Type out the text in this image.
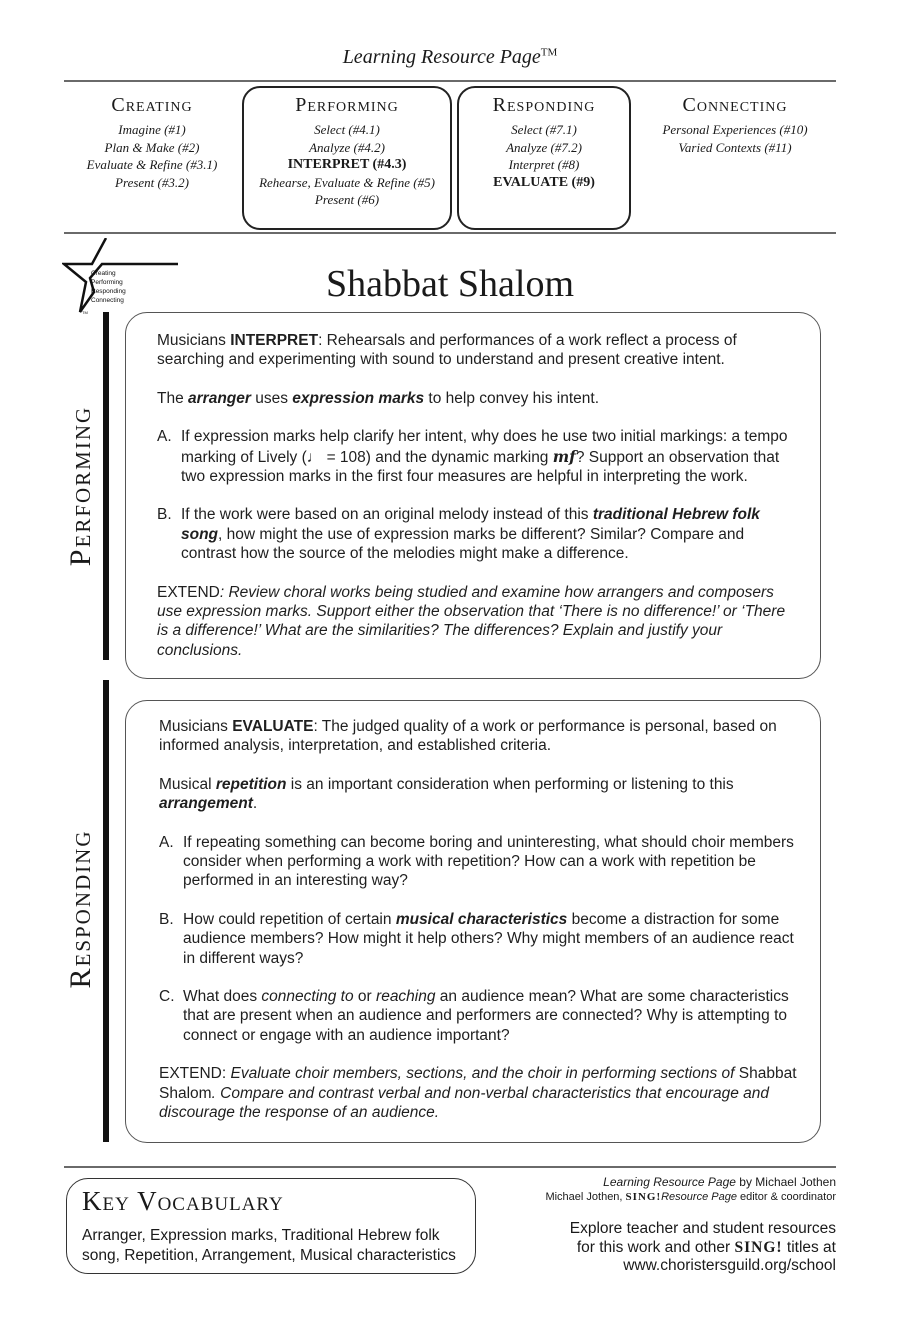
Learning Resource Page™
Creating
Imagine (#1)
Plan & Make (#2)
Evaluate & Refine (#3.1)
Present (#3.2)
Performing
Select (#4.1)
Analyze (#4.2)
INTERPRET (#4.3)
Rehearse, Evaluate & Refine (#5)
Present (#6)
Responding
Select (#7.1)
Analyze (#7.2)
Interpret (#8)
EVALUATE (#9)
Connecting
Personal Experiences (#10)
Varied Contexts (#11)
Creating
Performing
Responding
Connecting
TM
Shabbat Shalom
Performing

Musicians INTERPRET: Rehearsals and performances of a work reflect a process of searching and experimenting with sound to understand and present creative intent.

The arranger uses expression marks to help convey his intent.

A. If expression marks help clarify her intent, why does he use two initial markings: a tempo marking of Lively (♩ = 108) and the dynamic marking mf? Support an observation that two expression marks in the first four measures are helpful in interpreting the work.
B. If the work were based on an original melody instead of this traditional Hebrew folk song, how might the use of expression marks be different? Similar? Compare and contrast how the source of the melodies might make a difference.

EXTEND: Review choral works being studied and examine how arrangers and composers use expression marks. Support either the observation that ‘There is no difference!’ or ‘There is a difference!’ What are the similarities? The differences? Explain and justify your conclusions.

Responding

Musicians EVALUATE: The judged quality of a work or performance is personal, based on informed analysis, interpretation, and established criteria.

Musical repetition is an important consideration when performing or listening to this arrangement.

A. If repeating something can become boring and uninteresting, what should choir members consider when performing a work with repetition? How can a work with repetition be performed in an interesting way?
B. How could repetition of certain musical characteristics become a distraction for some audience members? How might it help others? Why might members of an audience react in different ways?
C. What does connecting to or reaching an audience mean? What are some characteristics that are present when an audience and performers are connected? Why is attempting to connect or engage with an audience important?

EXTEND: Evaluate choir members, sections, and the choir in performing sections of Shabbat Shalom. Compare and contrast verbal and non-verbal characteristics that encourage and discourage the response of an audience.

Key Vocabulary
Arranger, Expression marks, Traditional Hebrew folk song, Repetition, Arrangement, Musical characteristics
Learning Resource Page by Michael Jothen
Michael Jothen, SING!Resource Page editor & coordinator
Explore teacher and student resources
for this work and other SING! titles at
www.choristersguild.org/school
